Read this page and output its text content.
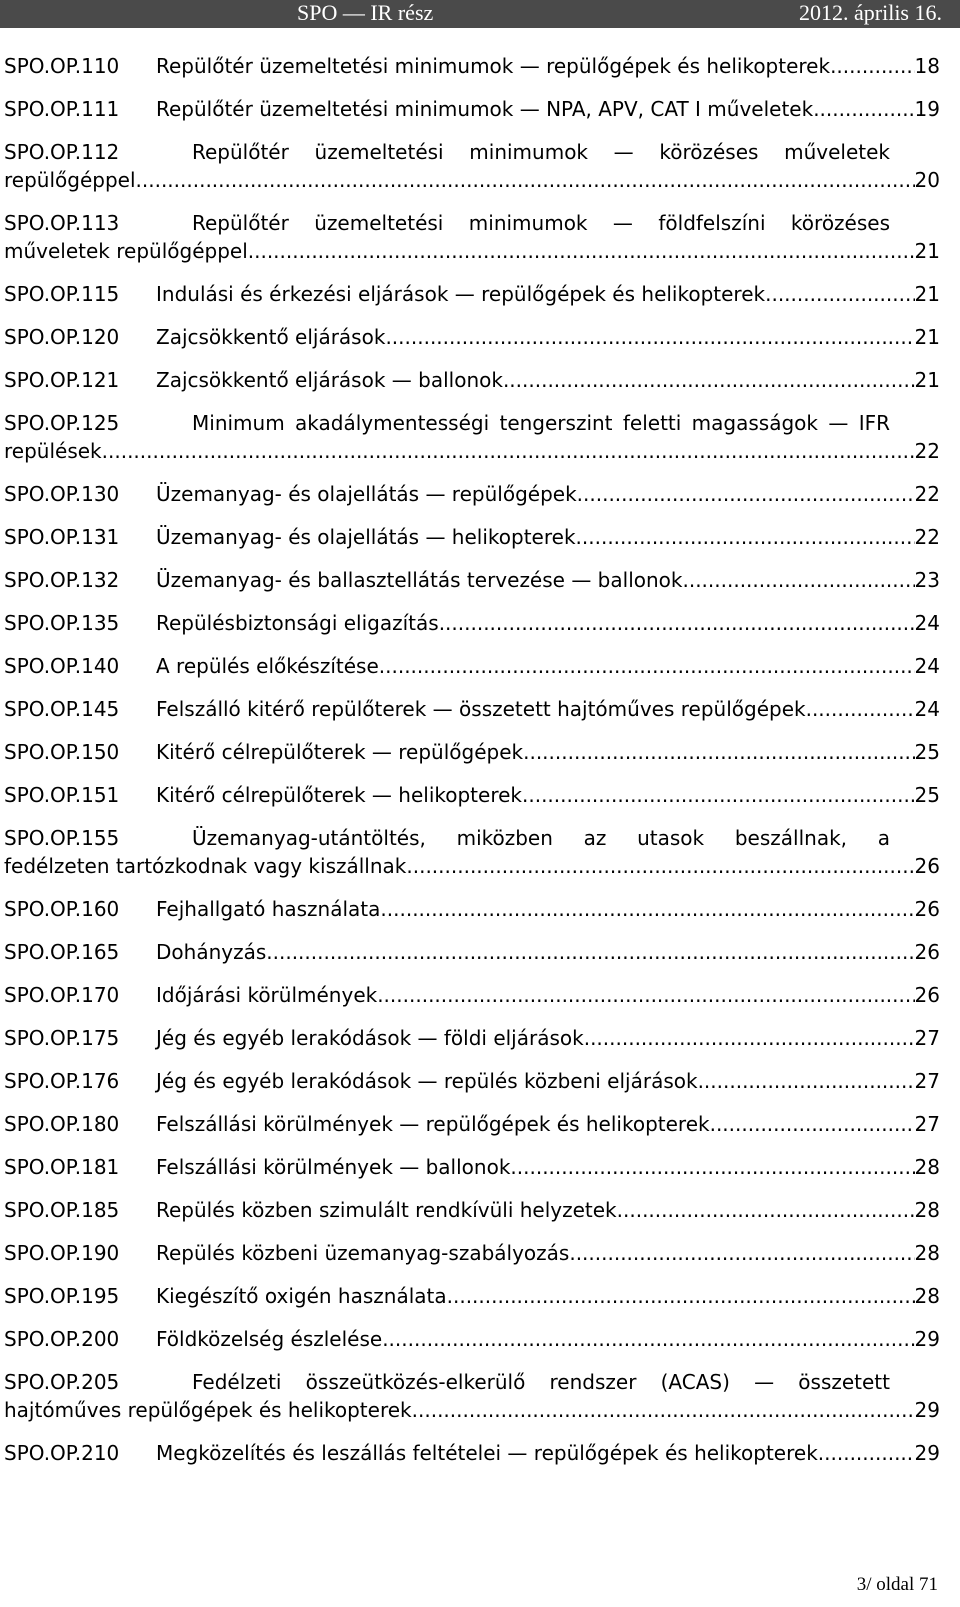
SPO — IR rész	2012. április 16.
SPO.OP.110	Repülőtér üzemeltetési minimumok — repülőgépek és helikopterek .....	18
SPO.OP.111	Repülőtér üzemeltetési minimumok — NPA, APV, CAT I műveletek .....	19
SPO.OP.112	Repülőtér üzemeltetési minimumok — körözéses műveletek
repülőgéppel .....	20
SPO.OP.113	Repülőtér üzemeltetési minimumok — földfelszíni körözéses
műveletek repülőgéppel .....	21
SPO.OP.115	Indulási és érkezési eljárások — repülőgépek és helikopterek .....	21
SPO.OP.120	Zajcsökkentő eljárások .....	21
SPO.OP.121	Zajcsökkentő eljárások — ballonok .....	21
SPO.OP.125	Minimum akadálymentességi tengerszint feletti magasságok — IFR
repülések .....	22
SPO.OP.130	Üzemanyag- és olajellátás — repülőgépek .....	22
SPO.OP.131	Üzemanyag- és olajellátás — helikopterek .....	22
SPO.OP.132	Üzemanyag- és ballasztellátás tervezése — ballonok .....	23
SPO.OP.135	Repülésbiztonsági eligazítás .....	24
SPO.OP.140	A repülés előkészítése .....	24
SPO.OP.145	Felszálló kitérő repülőterek — összetett hajtóműves repülőgépek .....	24
SPO.OP.150	Kitérő célrepülőterek — repülőgépek .....	25
SPO.OP.151	Kitérő célrepülőterek — helikopterek .....	25
SPO.OP.155	Üzemanyag-utántöltés, miközben az utasok beszállnak, a
fedélzeten tartózkodnak vagy kiszállnak .....	26
SPO.OP.160	Fejhallgató használata .....	26
SPO.OP.165	Dohányzás .....	26
SPO.OP.170	Időjárási körülmények .....	26
SPO.OP.175	Jég és egyéb lerakódások — földi eljárások .....	27
SPO.OP.176	Jég és egyéb lerakódások — repülés közbeni eljárások .....	27
SPO.OP.180	Felszállási körülmények — repülőgépek és helikopterek .....	27
SPO.OP.181	Felszállási körülmények — ballonok .....	28
SPO.OP.185	Repülés közben szimulált rendkívüli helyzetek .....	28
SPO.OP.190	Repülés közbeni üzemanyag-szabályozás .....	28
SPO.OP.195	Kiegészítő oxigén használata .....	28
SPO.OP.200	Földközelség észlelése .....	29
SPO.OP.205	Fedélzeti összeütközés-elkerülő rendszer (ACAS) — összetett
hajtóműves repülőgépek és helikopterek .....	29
SPO.OP.210	Megközelítés és leszállás feltételei — repülőgépek és helikopterek .....	29
3/ oldal 71
